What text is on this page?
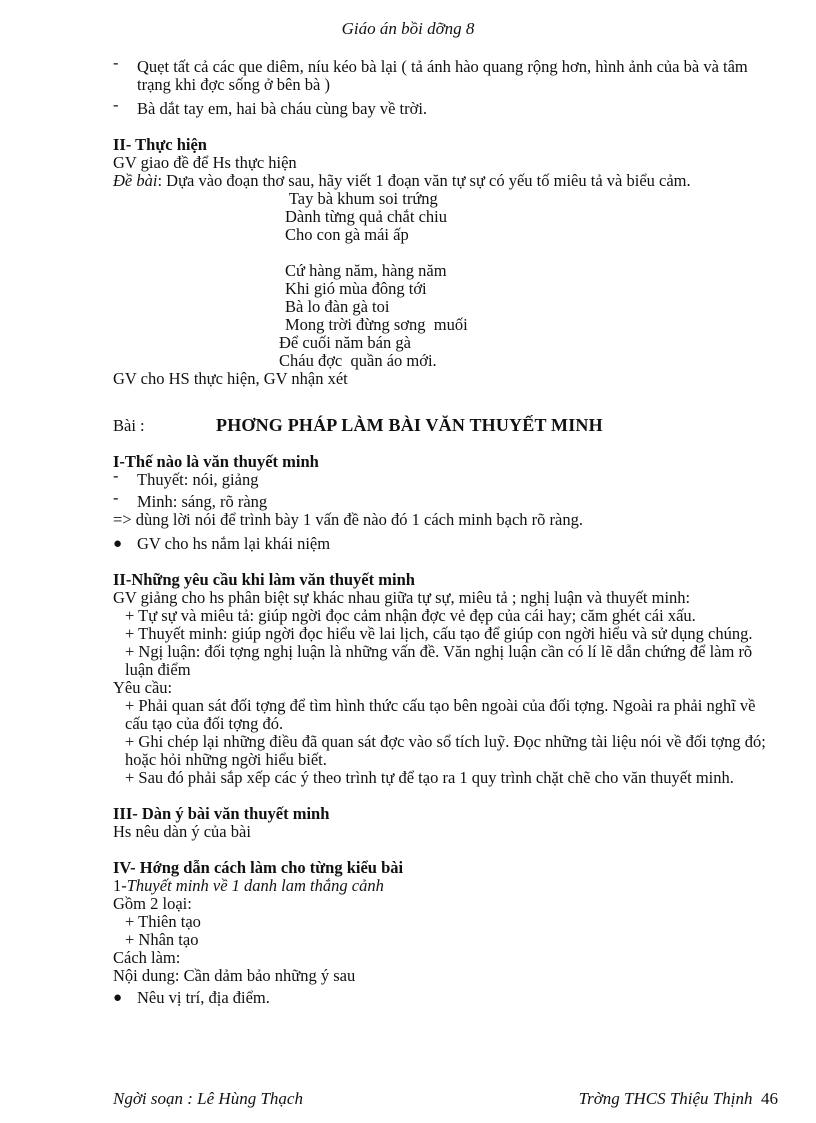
Giáo án bồi dỡng 8
- Quẹt tất cả các que diêm, níu kéo bà lại ( tả ánh hào quang rộng hơn, hình ảnh của bà và tâm trạng khi đợc sống ở bên bà )
- Bà dắt tay em, hai bà cháu cùng bay về trời.
II- Thực hiện
GV giao đề để Hs thực hiện
Đề bài: Dựa vào đoạn thơ sau, hãy viết 1 đoạn văn tự sự có yếu tố miêu tả và biểu cảm.
Tay bà khum soi trứng
Dành từng quả chắt chiu
Cho con gà mái ấp
Cứ hàng năm, hàng năm
Khi gió mùa đông tới
Bà lo đàn gà toi
Mong trời đừng sơng  muối
Để cuối năm bán gà
Cháu đợc  quần áo mới.
GV cho HS thực hiện, GV nhận xét
Bài :	PHƠNG PHÁP LÀM BÀI VĂN THUYẾT MINH
I-Thế nào là văn thuyết minh
- Thuyết: nói, giảng
- Minh: sáng, rõ ràng
=> dùng lời nói để trình bày 1 vấn đề nào đó 1 cách minh bạch rõ ràng.
● GV cho hs nắm lại khái niệm
II-Những yêu cầu khi làm văn thuyết minh
GV giảng cho hs phân biệt sự khác nhau giữa tự sự, miêu tả ; nghị luận và thuyết minh:
+ Tự sự và miêu tả: giúp ngời đọc cảm nhận đợc vẻ đẹp của cái hay; căm ghét cái xấu.
+ Thuyết minh: giúp ngời đọc hiểu về lai lịch, cấu tạo để giúp con ngời hiểu và sử dụng chúng.
+ Ngị luận: đối tợng nghị luận là những vấn đề. Văn nghị luận cần có lí lẽ dẫn chứng để làm rõ luận điểm
Yêu cầu:
+ Phải quan sát đối tợng để tìm hình thức cấu tạo bên ngoài của đối tợng. Ngoài ra phải nghĩ về cấu tạo của đối tợng đó.
+ Ghi chép lại những điều đã quan sát đợc vào sổ tích luỹ. Đọc những tài liệu nói về đối tợng đó; hoặc hỏi những ngời hiểu biết.
+ Sau đó phải sắp xếp các ý theo trình tự để tạo ra 1 quy trình chặt chẽ cho văn thuyết minh.
III- Dàn ý bài văn thuyết minh
Hs nêu dàn ý của bài
IV- Hớng dẫn cách làm cho từng kiểu bài
1-Thuyết minh về 1 danh lam thắng cảnh
Gồm 2 loại:
+ Thiên tạo
+ Nhân tạo
Cách làm:
Nội dung: Cần dảm bảo những ý sau
● Nêu vị trí, địa điểm.
Ngời soạn : Lê Hùng Thạch	Trờng THCS Thiệu Thịnh 46
